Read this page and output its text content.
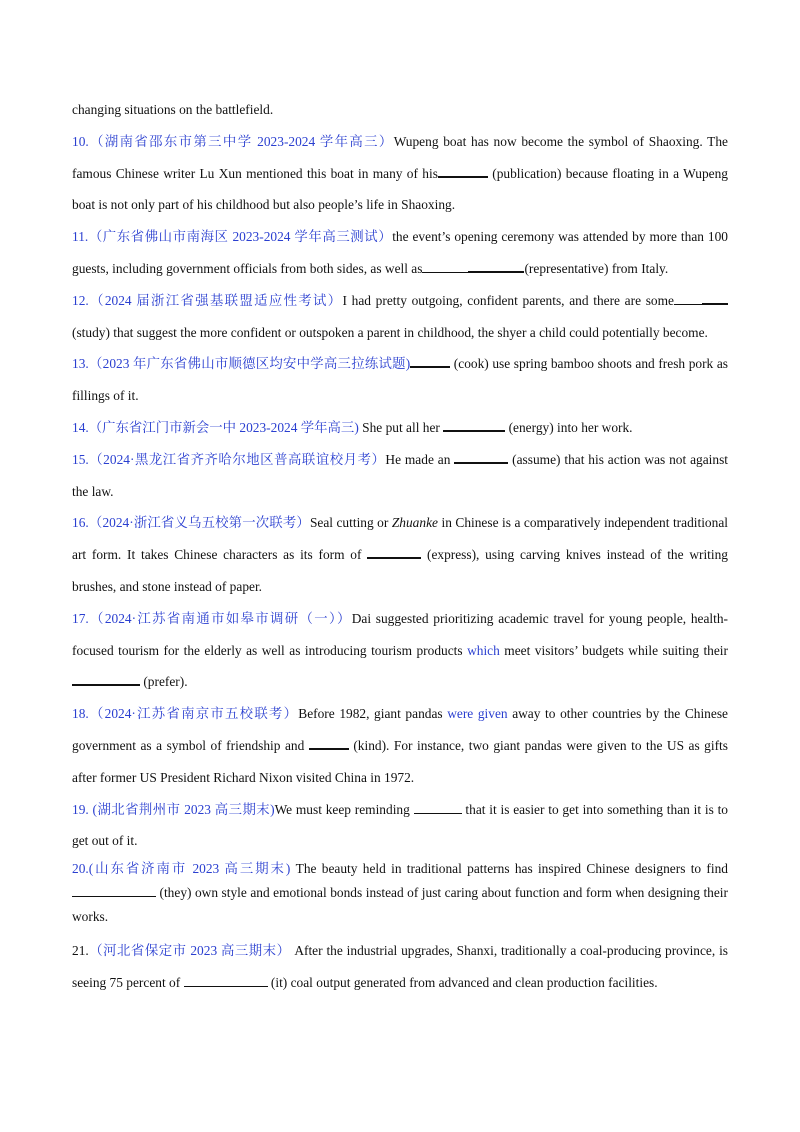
changing situations on the battlefield.

10.（湖南省邵东市第三中学 2023-2024 学年高三）Wupeng boat has now become the symbol of Shaoxing. The famous Chinese writer Lu Xun mentioned this boat in many of his	(publication) because floating in a Wupeng boat is not only part of his childhood but also people’s life in Shaoxing.

11.（广东省佛山市南海区 2023-2024 学年高三测试）the event’s opening ceremony was attended by more than 100 guests, including government officials from both sides, as well as	(representative) from Italy.

12.（2024 届浙江省强基联盟适应性考试）I had pretty outgoing, confident parents, and there are some (study) that suggest the more confident or outspoken a parent in childhood, the shyer a child could potentially become.

13.（2023 年广东省佛山市顺德区均安中学高三拉练试题)	(cook) use spring bamboo shoots and fresh pork as fillings of it.

14.（广东省江门市新会一中 2023-2024 学年高三) She put all her	(energy) into her work.

15.（2024·黑龙江省齐齐哈尔地区普高联谊校月考）He made an	(assume) that his action was not against the law.

16.（2024·浙江省义乌五校第一次联考）Seal cutting or Zhuanke in Chinese is a comparatively independent traditional art form. It takes Chinese characters as its form of	(express), using carving knives instead of the writing brushes, and stone instead of paper.

17.（2024·江苏省南通市如皋市调研（一））Dai suggested prioritizing academic travel for young people, health-focused tourism for the elderly as well as introducing tourism products which meet visitors’ budgets while suiting their  (prefer).

18.（2024·江苏省南京市五校联考）Before 1982, giant pandas were given away to other countries by the Chinese government as a symbol of friendship and	(kind). For instance, two giant pandas were given to the US as gifts after former US President Richard Nixon visited China in 1972.

19. (湖北省荆州市 2023 高三期末)We must keep reminding	that it is easier to get into something than it is to get out of it.

20.(山东省济南市 2023 高三期末) The beauty held in traditional patterns has inspired Chinese designers to find  (they) own style and emotional bonds instead of just caring about function and form when designing their works.

21.（河北省保定市 2023 高三期末） After the industrial upgrades, Shanxi, traditionally a coal-producing province, is seeing 75 percent of	(it) coal output generated from advanced and clean production facilities.
